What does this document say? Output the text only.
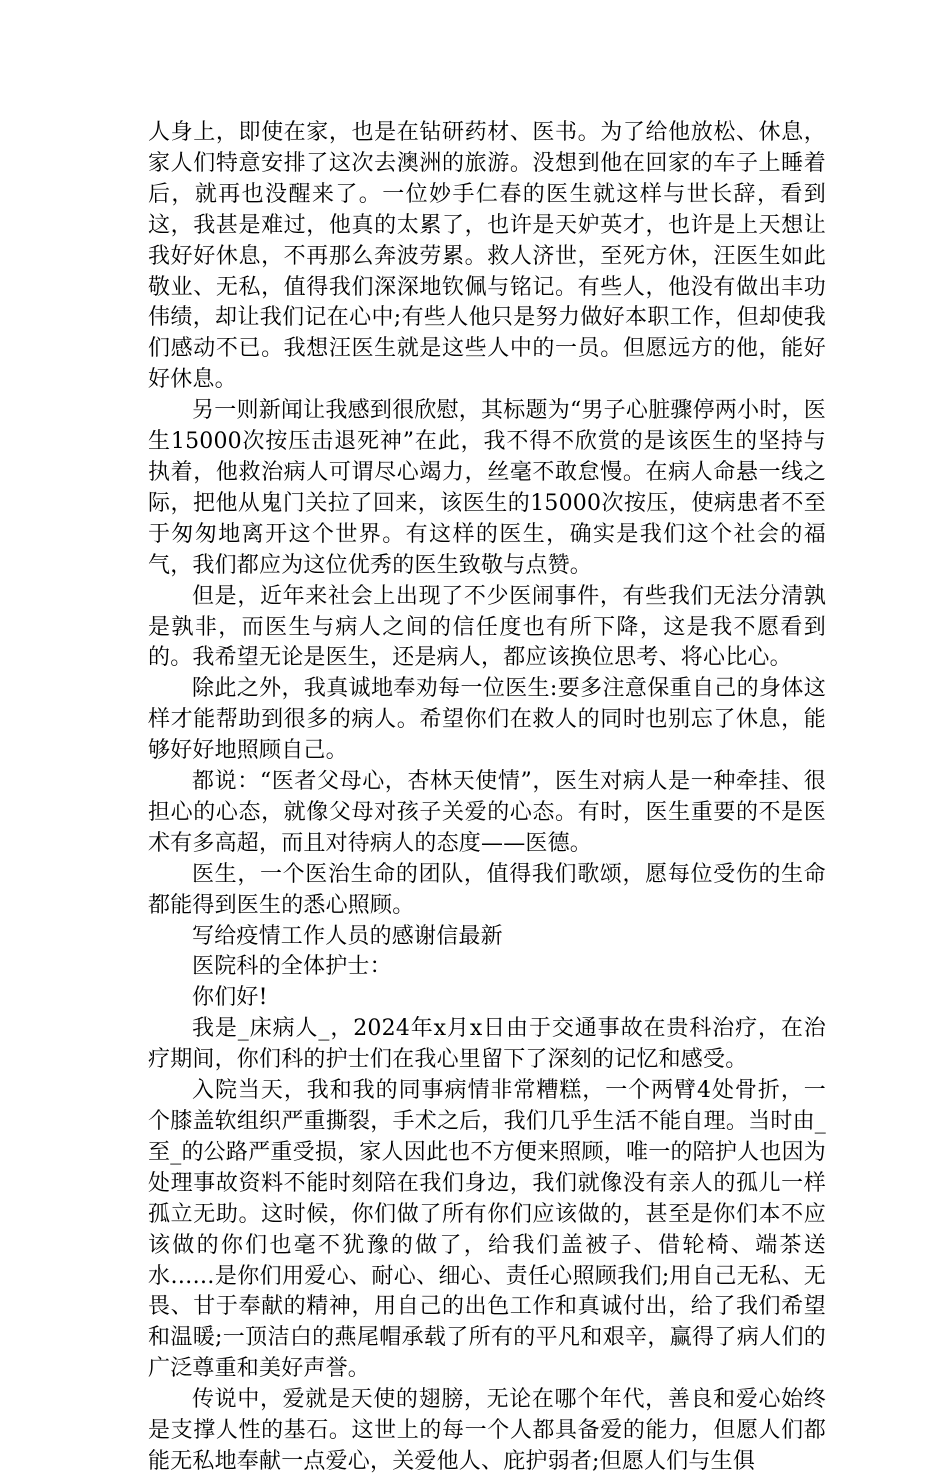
人身上，即使在家，也是在钻研药材、医书。为了给他放松、休息，家人们特意安排了这次去澳洲的旅游。没想到他在回家的车子上睡着后，就再也没醒来了。一位妙手仁春的医生就这样与世长辞，看到这，我甚是难过，他真的太累了，也许是天妒英才，也许是上天想让我好好休息，不再那么奔波劳累。救人济世，至死方休，汪医生如此敬业、无私，值得我们深深地钦佩与铭记。有些人，他没有做出丰功伟绩，却让我们记在心中;有些人他只是努力做好本职工作，但却使我们感动不已。我想汪医生就是这些人中的一员。但愿远方的他，能好好休息。

另一则新闻让我感到很欣慰，其标题为“男子心脏骤停两小时，医生15000次按压击退死神”在此，我不得不欣赏的是该医生的坚持与执着，他救治病人可谓尽心竭力，丝毫不敢怠慢。在病人命悬一线之际，把他从鬼门关拉了回来，该医生的15000次按压，使病患者不至于匆匆地离开这个世界。有这样的医生，确实是我们这个社会的福气，我们都应为这位优秀的医生致敬与点赞。

但是，近年来社会上出现了不少医闹事件，有些我们无法分清孰是孰非，而医生与病人之间的信任度也有所下降，这是我不愿看到的。我希望无论是医生，还是病人，都应该换位思考、将心比心。

除此之外，我真诚地奉劝每一位医生:要多注意保重自己的身体这样才能帮助到很多的病人。希望你们在救人的同时也别忘了休息，能够好好地照顾自己。

都说：“医者父母心，杏林天使情”，医生对病人是一种牵挂、很担心的心态，就像父母对孩子关爱的心态。有时，医生重要的不是医术有多高超，而且对待病人的态度——医德。

医生，一个医治生命的团队，值得我们歌颂，愿每位受伤的生命都能得到医生的悉心照顾。

写给疫情工作人员的感谢信最新

医院科的全体护士：

你们好!

我是_床病人_，2024年x月x日由于交通事故在贵科治疗，在治疗期间，你们科的护士们在我心里留下了深刻的记忆和感受。

入院当天，我和我的同事病情非常糟糕，一个两臂4处骨折，一个膝盖软组织严重撕裂，手术之后，我们几乎生活不能自理。当时由_至_的公路严重受损，家人因此也不方便来照顾，唯一的陪护人也因为处理事故资料不能时刻陪在我们身边，我们就像没有亲人的孤儿一样孤立无助。这时候，你们做了所有你们应该做的，甚至是你们本不应该做的你们也毫不犹豫的做了，给我们盖被子、借轮椅、端茶送水……是你们用爱心、耐心、细心、责任心照顾我们;用自己无私、无畏、甘于奉献的精神，用自己的出色工作和真诚付出，给了我们希望和温暖;一顶洁白的燕尾帽承载了所有的平凡和艰辛，赢得了病人们的广泛尊重和美好声誉。

传说中，爱就是天使的翅膀，无论在哪个年代，善良和爱心始终是支撑人性的基石。这世上的每一个人都具备爱的能力，但愿人们都能无私地奉献一点爱心，关爱他人、庇护弱者;但愿人们与生俱
